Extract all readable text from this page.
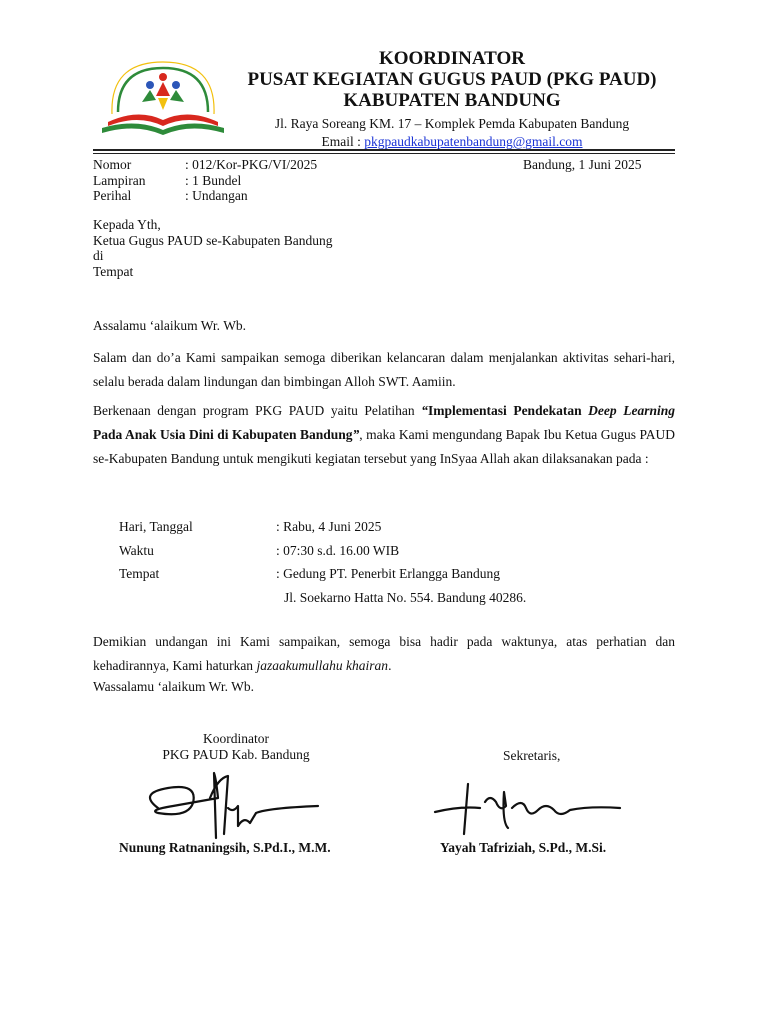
KOORDINATOR
PUSAT KEGIATAN GUGUS PAUD (PKG PAUD)
KABUPATEN BANDUNG
Jl. Raya Soreang KM. 17 – Komplek Pemda Kabupaten Bandung
Email : pkgpaudkabupatenbandung@gmail.com
Nomor	: 012/Kor-PKG/VI/2025
Lampiran	: 1 Bundel
Perihal	: Undangan
Bandung, 1 Juni 2025
Kepada Yth,
Ketua Gugus PAUD se-Kabupaten Bandung
di
Tempat
Assalamu ‘alaikum Wr. Wb.
Salam dan do’a Kami sampaikan semoga diberikan kelancaran dalam menjalankan aktivitas sehari-hari, selalu berada dalam lindungan dan bimbingan Alloh SWT. Aamiin.
Berkenaan dengan program PKG PAUD yaitu Pelatihan “Implementasi Pendekatan Deep Learning Pada Anak Usia Dini di Kabupaten Bandung”, maka Kami mengundang Bapak Ibu Ketua Gugus PAUD se-Kabupaten Bandung untuk mengikuti kegiatan tersebut yang InSyaa Allah akan dilaksanakan pada :
Hari, Tanggal	: Rabu, 4 Juni 2025
Waktu	: 07:30 s.d. 16.00 WIB
Tempat	: Gedung PT. Penerbit Erlangga Bandung
Jl. Soekarno Hatta No. 554. Bandung 40286.
Demikian undangan ini Kami sampaikan, semoga bisa hadir pada waktunya, atas perhatian dan kehadirannya, Kami haturkan jazaakumullahu khairan.
Wassalamu ‘alaikum Wr. Wb.
Koordinator
PKG PAUD Kab. Bandung	Sekretaris,
Nunung Ratnaningsih, S.Pd.I., M.M.	Yayah Tafriziah, S.Pd., M.Si.
